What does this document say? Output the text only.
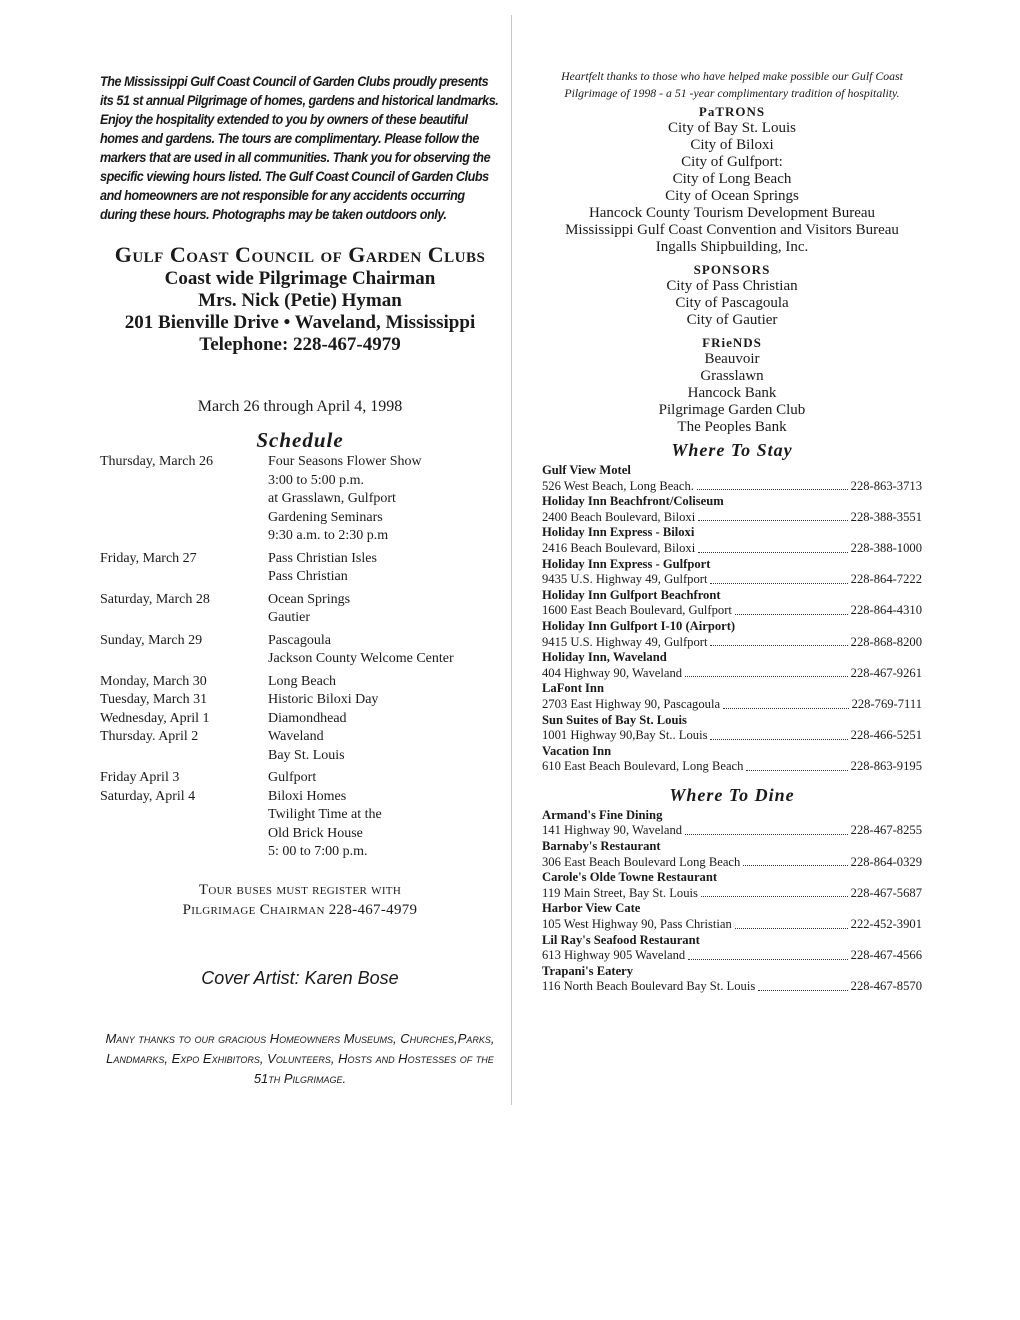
The Mississippi Gulf Coast Council of Garden Clubs proudly presents its 51 st annual Pilgrimage of homes, gardens and historical landmarks. Enjoy the hospitality extended to you by owners of these beautiful homes and gardens. The tours are complimentary. Please follow the markers that are used in all communities. Thank you for observing the specific viewing hours listed. The Gulf Coast Council of Garden Clubs and homeowners are not responsible for any accidents occurring during these hours. Photographs may be taken outdoors only.
Gulf Coast Council of Garden Clubs
Coast wide Pilgrimage Chairman
Mrs. Nick (Petie) Hyman
201 Bienville Drive • Waveland, Mississippi
Telephone: 228-467-4979
March 26 through April 4, 1998
Schedule
Thursday, March 26	Four Seasons Flower Show
3:00 to 5:00 p.m.
at Grasslawn, Gulfport
Gardening Seminars
9:30 a.m. to 2:30 p.m
Friday, March 27	Pass Christian Isles
Pass Christian
Saturday, March 28	Ocean Springs
Gautier
Sunday, March 29	Pascagoula
Jackson County Welcome Center
Monday, March 30	Long Beach
Tuesday, March 31	Historic Biloxi Day
Wednesday, April 1	Diamondhead
Thursday. April 2	Waveland
Bay St. Louis
Friday April 3	Gulfport
Saturday, April 4	Biloxi Homes
Twilight Time at the
Old Brick House
5: 00 to 7:00 p.m.
Tour buses must register with
Pilgrimage Chairman 228-467-4979
Cover Artist: Karen Bose
Many thanks to our gracious Homeowners Museums, Churches,Parks, Landmarks, Expo Exhibitors, Volunteers, Hosts and Hostesses of the 51th Pilgrimage.
Heartfelt thanks to those who have helped make possible our Gulf Coast Pilgrimage of 1998 - a 51 -year complimentary tradition of hospitality.
PaTRONS
City of Bay St. Louis
City of Biloxi
City of Gulfport:
City of Long Beach
City of Ocean Springs
Hancock County Tourism Development Bureau
Mississippi Gulf Coast Convention and Visitors Bureau
Ingalls Shipbuilding, Inc.
SPONSORS
City of Pass Christian
City of Pascagoula
City of Gautier
FRieNDS
Beauvoir
Grasslawn
Hancock Bank
Pilgrimage Garden Club
The Peoples Bank
Where To Stay
Gulf View Motel
526 West Beach, Long Beach.	228-863-3713
Holiday Inn Beachfront/Coliseum
2400 Beach Boulevard, Biloxi	228-388-3551
Holiday Inn Express - Biloxi
2416 Beach Boulevard, Biloxi	228-388-1000
Holiday Inn Express - Gulfport
9435 U.S. Highway 49, Gulfport	228-864-7222
Holiday Inn Gulfport Beachfront
1600 East Beach Boulevard, Gulfport	228-864-4310
Holiday Inn Gulfport I-10 (Airport)
9415 U.S. Highway 49, Gulfport	228-868-8200
Holiday Inn, Waveland
404 Highway 90, Waveland	228-467-9261
LaFont Inn
2703 East Highway 90, Pascagoula	228-769-7111
Sun Suites of Bay St. Louis
1001 Highway 90,Bay St.. Louis	228-466-5251
Vacation Inn
610 East Beach Boulevard, Long Beach	228-863-9195
Where To Dine
Armand's Fine Dining
141 Highway 90, Waveland	228-467-8255
Barnaby's Restaurant
306 East Beach Boulevard Long Beach	228-864-0329
Carole's Olde Towne Restaurant
119 Main Street, Bay St. Louis	228-467-5687
Harbor View Cate
105 West Highway 90, Pass Christian	222-452-3901
Lil Ray's Seafood Restaurant
613 Highway 905 Waveland	228-467-4566
Trapani's Eatery
116 North Beach Boulevard Bay St. Louis	228-467-8570
